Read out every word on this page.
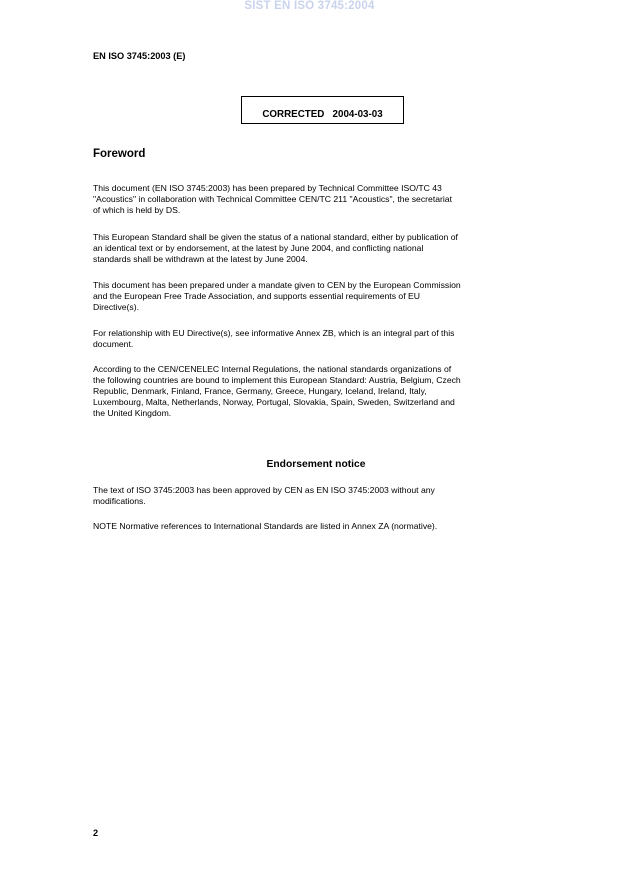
SIST EN ISO 3745:2004
EN ISO 3745:2003 (E)
CORRECTED   2004-03-03
Foreword

This document (EN ISO 3745:2003) has been prepared by Technical Committee ISO/TC 43
"Acoustics" in collaboration with Technical Committee CEN/TC 211 "Acoustics", the secretariat
of which is held by DS.

This European Standard shall be given the status of a national standard, either by publication of
an identical text or by endorsement, at the latest by June 2004, and conflicting national
standards shall be withdrawn at the latest by June 2004.

This document has been prepared under a mandate given to CEN by the European Commission
and the European Free Trade Association, and supports essential requirements of EU
Directive(s).

For relationship with EU Directive(s), see informative Annex ZB, which is an integral part of this
document.

According to the CEN/CENELEC Internal Regulations, the national standards organizations of
the following countries are bound to implement this European Standard: Austria, Belgium, Czech
Republic, Denmark, Finland, France, Germany, Greece, Hungary, Iceland, Ireland, Italy,
Luxembourg, Malta, Netherlands, Norway, Portugal, Slovakia, Spain, Sweden, Switzerland and
the United Kingdom.

Endorsement notice

The text of ISO 3745:2003 has been approved by CEN as EN ISO 3745:2003 without any
modifications.

NOTE Normative references to International Standards are listed in Annex ZA (normative).

2
